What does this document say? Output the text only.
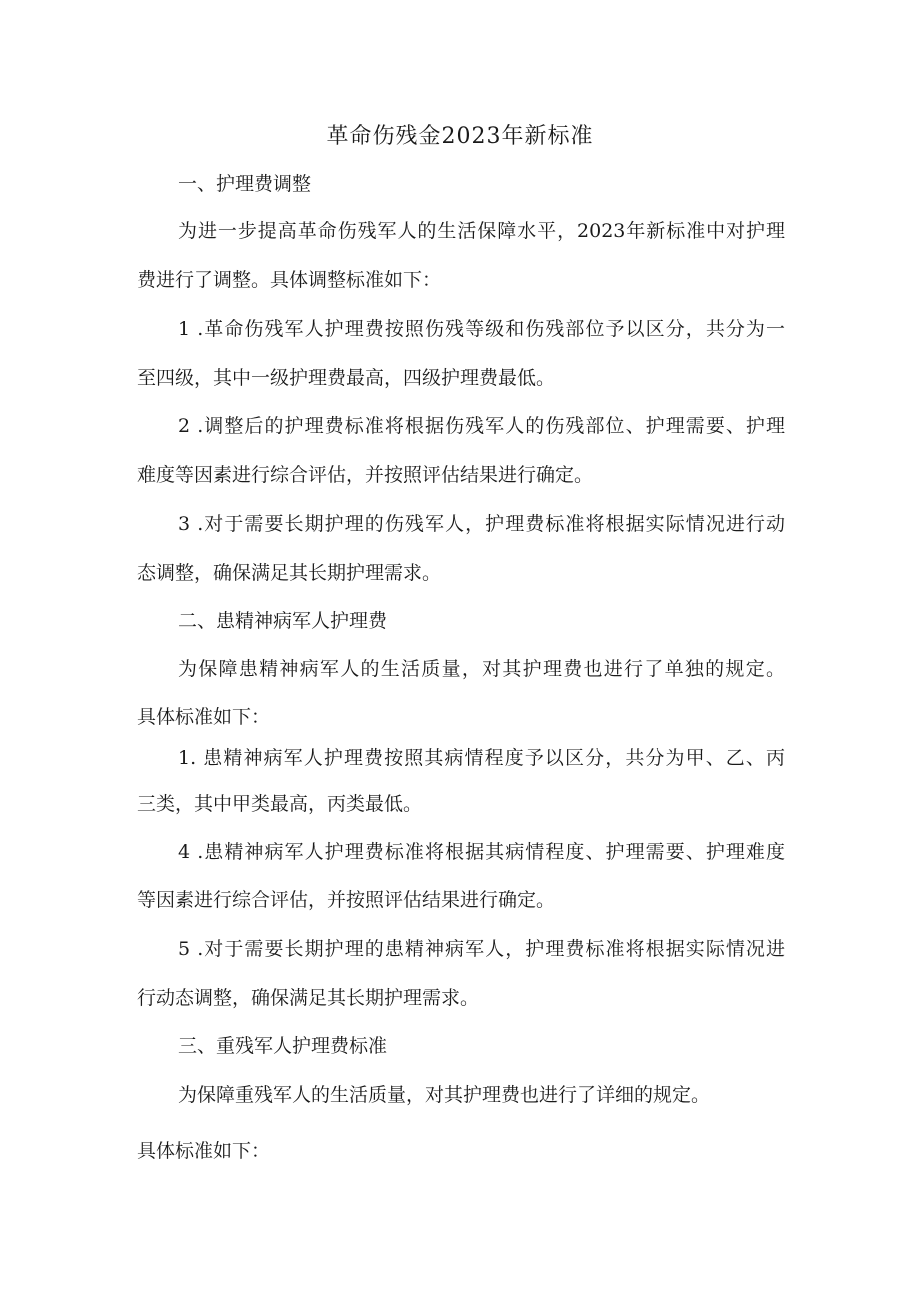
革命伤残金2023年新标准
一、护理费调整
为进一步提高革命伤残军人的生活保障水平，2023年新标准中对护理
费进行了调整。具体调整标准如下：
1 .革命伤残军人护理费按照伤残等级和伤残部位予以区分，共分为一
至四级，其中一级护理费最高，四级护理费最低。
2 .调整后的护理费标准将根据伤残军人的伤残部位、护理需要、护理
难度等因素进行综合评估，并按照评估结果进行确定。
3 .对于需要长期护理的伤残军人，护理费标准将根据实际情况进行动
态调整，确保满足其长期护理需求。
二、患精神病军人护理费
为保障患精神病军人的生活质量，对其护理费也进行了单独的规定。
具体标准如下：
1. 患精神病军人护理费按照其病情程度予以区分，共分为甲、乙、丙
三类，其中甲类最高，丙类最低。
4 .患精神病军人护理费标准将根据其病情程度、护理需要、护理难度
等因素进行综合评估，并按照评估结果进行确定。
5 .对于需要长期护理的患精神病军人，护理费标准将根据实际情况进
行动态调整，确保满足其长期护理需求。
三、重残军人护理费标准
为保障重残军人的生活质量，对其护理费也进行了详细的规定。
具体标准如下：
